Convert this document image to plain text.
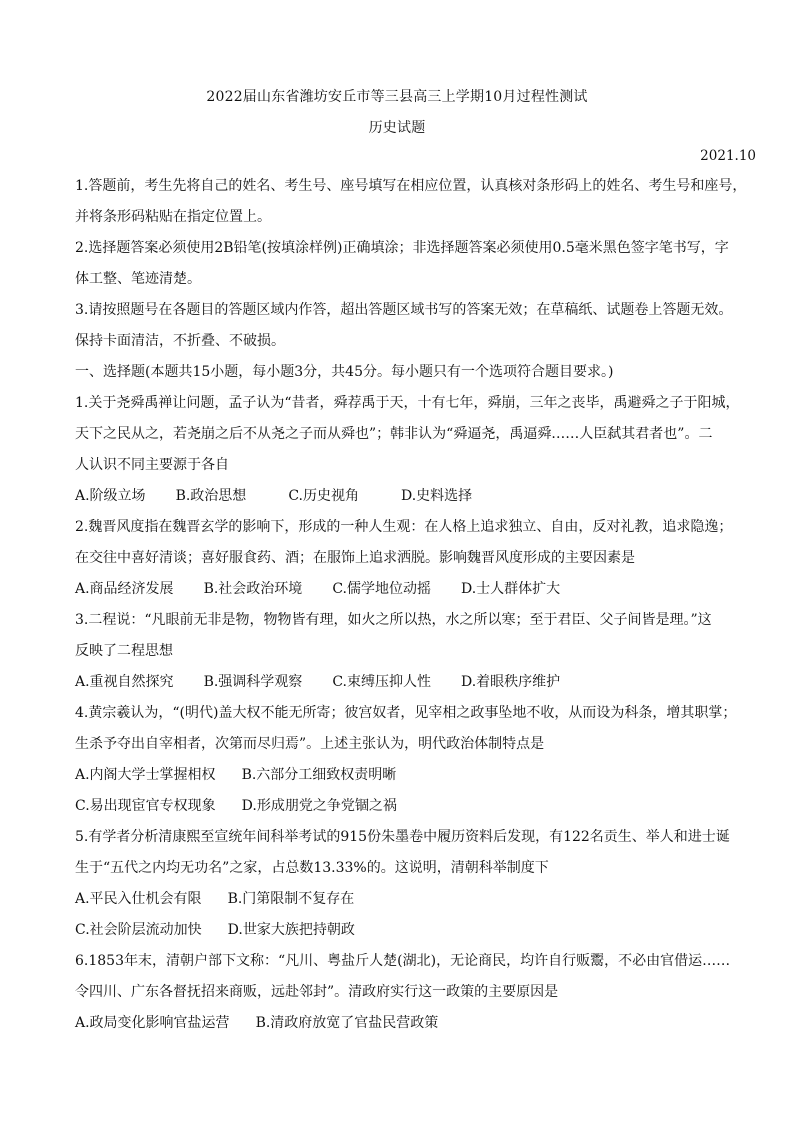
2022届山东省潍坊安丘市等三县高三上学期10月过程性测试
历史试题
2021.10
1.答题前，考生先将自己的姓名、考生号、座号填写在相应位置，认真核对条形码上的姓名、考生号和座号，
并将条形码粘贴在指定位置上。
2.选择题答案必须使用2B铅笔(按填涂样例)正确填涂；非选择题答案必须使用0.5毫米黑色签字笔书写，字
体工整、笔迹清楚。
3.请按照题号在各题目的答题区域内作答，超出答题区域书写的答案无效；在草稿纸、试题卷上答题无效。
保持卡面清洁，不折叠、不破损。
一、选择题(本题共15小题，每小题3分，共45分。每小题只有一个选项符合题目要求。)
1.关于尧舜禹禅让问题，孟子认为“昔者，舜荐禹于天，十有七年，舜崩，三年之丧毕，禹避舜之子于阳城，
天下之民从之，若尧崩之后不从尧之子而从舜也”；韩非认为“舜逼尧，禹逼舜……人臣弑其君者也”。二
人认识不同主要源于各自
A.阶级立场 B.政治思想	C.历史视角	D.史料选择
2.魏晋风度指在魏晋玄学的影响下，形成的一种人生观：在人格上追求独立、自由，反对礼教，追求隐逸；
在交往中喜好清谈；喜好服食药、酒；在服饰上追求洒脱。影响魏晋风度形成的主要因素是
A.商品经济发展 B.社会政治环境 C.儒学地位动摇 D.士人群体扩大
3.二程说：“凡眼前无非是物，物物皆有理，如火之所以热，水之所以寒；至于君臣、父子间皆是理。”这
反映了二程思想
A.重视自然探究 B.强调科学观察 C.束缚压抑人性 D.着眼秩序维护
4.黄宗羲认为，“(明代)盖大权不能无所寄；彼宫奴者，见宰相之政事坠地不收，从而设为科条，增其职掌；
生杀予夺出自宰相者，次第而尽归焉”。上述主张认为，明代政治体制特点是
A.内阁大学士掌握相权 B.六部分工细致权责明晰
C.易出现宦官专权现象 D.形成朋党之争党锢之祸
5.有学者分析清康熙至宣统年间科举考试的915份朱墨卷中履历资料后发现，有122名贡生、举人和进士诞
生于“五代之内均无功名”之家，占总数13.33%的。这说明，清朝科举制度下
A.平民入仕机会有限 B.门第限制不复存在
C.社会阶层流动加快 D.世家大族把持朝政
6.1853年末，清朝户部下文称：“凡川、粤盐斤人楚(湖北)，无论商民，均许自行贩鬻，不必由官借运……
令四川、广东各督抚招来商贩，远赴邻封”。清政府实行这一政策的主要原因是
A.政局变化影响官盐运营 B.清政府放宽了官盐民营政策
